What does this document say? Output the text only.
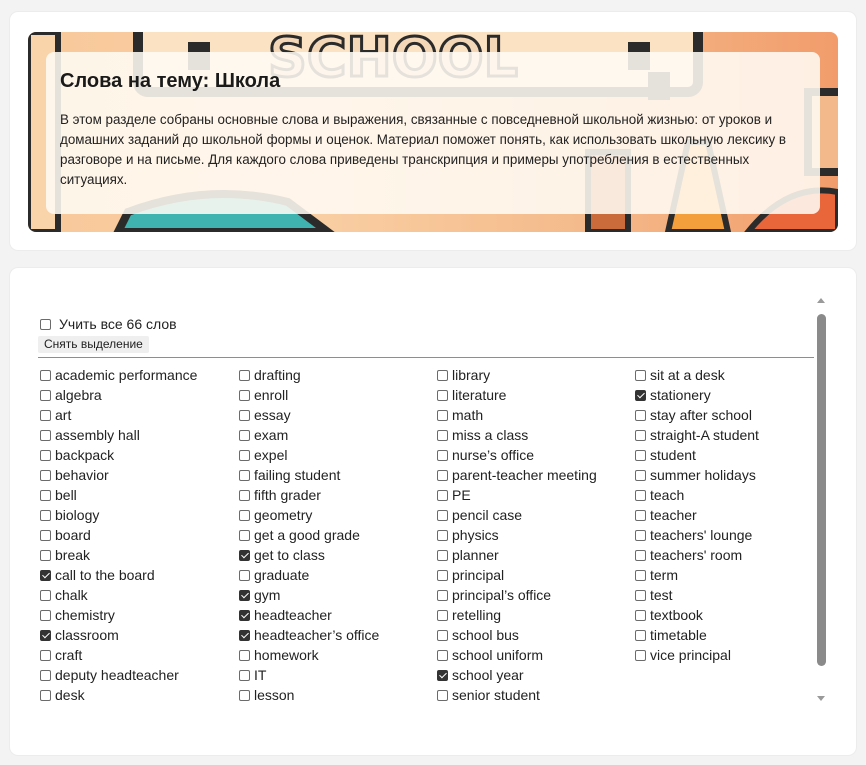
Слова на тему: Школа

В этом разделе собраны основные слова и выражения, связанные с повседневной школьной жизнью: от уроков и домашних заданий до школьной формы и оценок. Материал поможет понять, как использовать школьную лексику в разговоре и на письме. Для каждого слова приведены транскрипция и примеры употребления в естественных ситуациях.

Учить все 66 слов
Снять выделение
academic performance
algebra
art
assembly hall
backpack
behavior
bell
biology
board
break
call to the board
chalk
chemistry
classroom
craft
deputy headteacher
desk
drafting
enroll
essay
exam
expel
failing student
fifth grader
geometry
get a good grade
get to class
graduate
gym
headteacher
headteacher’s office
homework
IT
lesson
library
literature
math
miss a class
nurse’s office
parent-teacher meeting
PE
pencil case
physics
planner
principal
principal’s office
retelling
school bus
school uniform
school year
senior student
sit at a desk
stationery
stay after school
straight-A student
student
summer holidays
teach
teacher
teachers' lounge
teachers' room
term
test
textbook
timetable
vice principal
